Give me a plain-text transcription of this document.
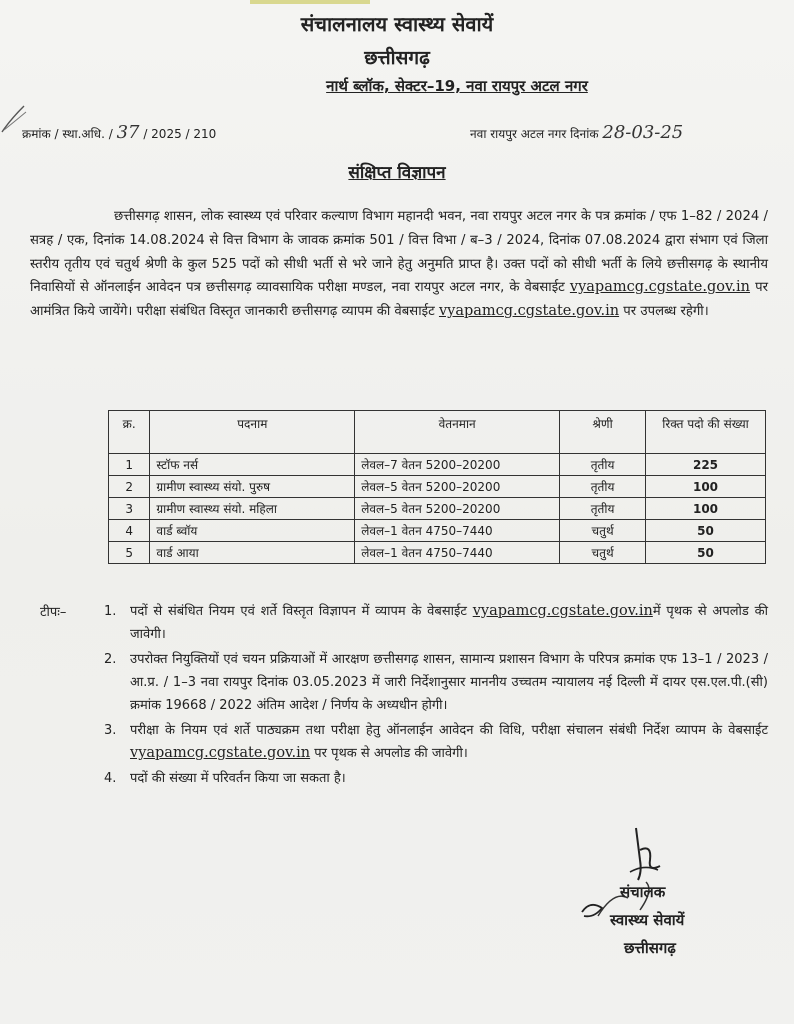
संचालनालय स्वास्थ्य सेवायें
छत्तीसगढ़
नार्थ ब्लॉक, सेक्टर–19, नवा रायपुर अटल नगर
क्रमांक / स्था.अधि. / 37 / 2025 / 210	नवा रायपुर अटल नगर दिनांक 28-03-25
संक्षिप्त विज्ञापन
छत्तीसगढ़ शासन, लोक स्वास्थ्य एवं परिवार कल्याण विभाग महानदी भवन, नवा रायपुर अटल नगर के पत्र क्रमांक / एफ 1–82 / 2024 / सत्रह / एक, दिनांक 14.08.2024 से वित्त विभाग के जावक क्रमांक 501 / वित्त विभा / ब–3 / 2024, दिनांक 07.08.2024 द्वारा संभाग एवं जिला स्तरीय तृतीय एवं चतुर्थ श्रेणी के कुल 525 पदों को सीधी भर्ती से भरे जाने हेतु अनुमति प्राप्त है। उक्त पदों को सीधी भर्ती के लिये छत्तीसगढ़ के स्थानीय निवासियों से ऑनलाईन आवेदन पत्र छत्तीसगढ़ व्यावसायिक परीक्षा मण्डल, नवा रायपुर अटल नगर, के वेबसाईट vyapamcg.cgstate.gov.in पर आमंत्रित किये जायेंगे। परीक्षा संबंधित विस्तृत जानकारी छत्तीसगढ़ व्यापम की वेबसाईट vyapamcg.cgstate.gov.in पर उपलब्ध रहेगी।
क्र.	पदनाम	वेतनमान	श्रेणी	रिक्त पदो की संख्या
1	स्टॉफ नर्स	लेवल–7 वेतन 5200–20200	तृतीय	225
2	ग्रामीण स्वास्थ्य संयो. पुरुष	लेवल–5 वेतन 5200–20200	तृतीय	100
3	ग्रामीण स्वास्थ्य संयो. महिला	लेवल–5 वेतन 5200–20200	तृतीय	100
4	वार्ड ब्वॉय	लेवल–1 वेतन 4750–7440	चतुर्थ	50
5	वार्ड आया	लेवल–1 वेतन 4750–7440	चतुर्थ	50
टीपः–	1. पदों से संबंधित नियम एवं शर्ते विस्तृत विज्ञापन में व्यापम के वेबसाईट vyapamcg.cgstate.gov.inमें पृथक से अपलोड की जावेगी।
2. उपरोक्त नियुक्तियों एवं चयन प्रक्रियाओं में आरक्षण छत्तीसगढ़ शासन, सामान्य प्रशासन विभाग के परिपत्र क्रमांक एफ 13–1 / 2023 / आ.प्र. / 1–3 नवा रायपुर दिनांक 03.05.2023 में जारी निर्देशानुसार माननीय उच्चतम न्यायालय नई दिल्ली में दायर एस.एल.पी.(सी) क्रमांक 19668 / 2022 अंतिम आदेश / निर्णय के अध्यधीन होगी।
3. परीक्षा के नियम एवं शर्ते पाठ्यक्रम तथा परीक्षा हेतु ऑनलाईन आवेदन की विधि, परीक्षा संचालन संबंधी निर्देश व्यापम के वेबसाईट vyapamcg.cgstate.gov.in पर पृथक से अपलोड की जावेगी।
4. पदों की संख्या में परिवर्तन किया जा सकता है।
संचालक
स्वास्थ्य सेवायें
छत्तीसगढ़
